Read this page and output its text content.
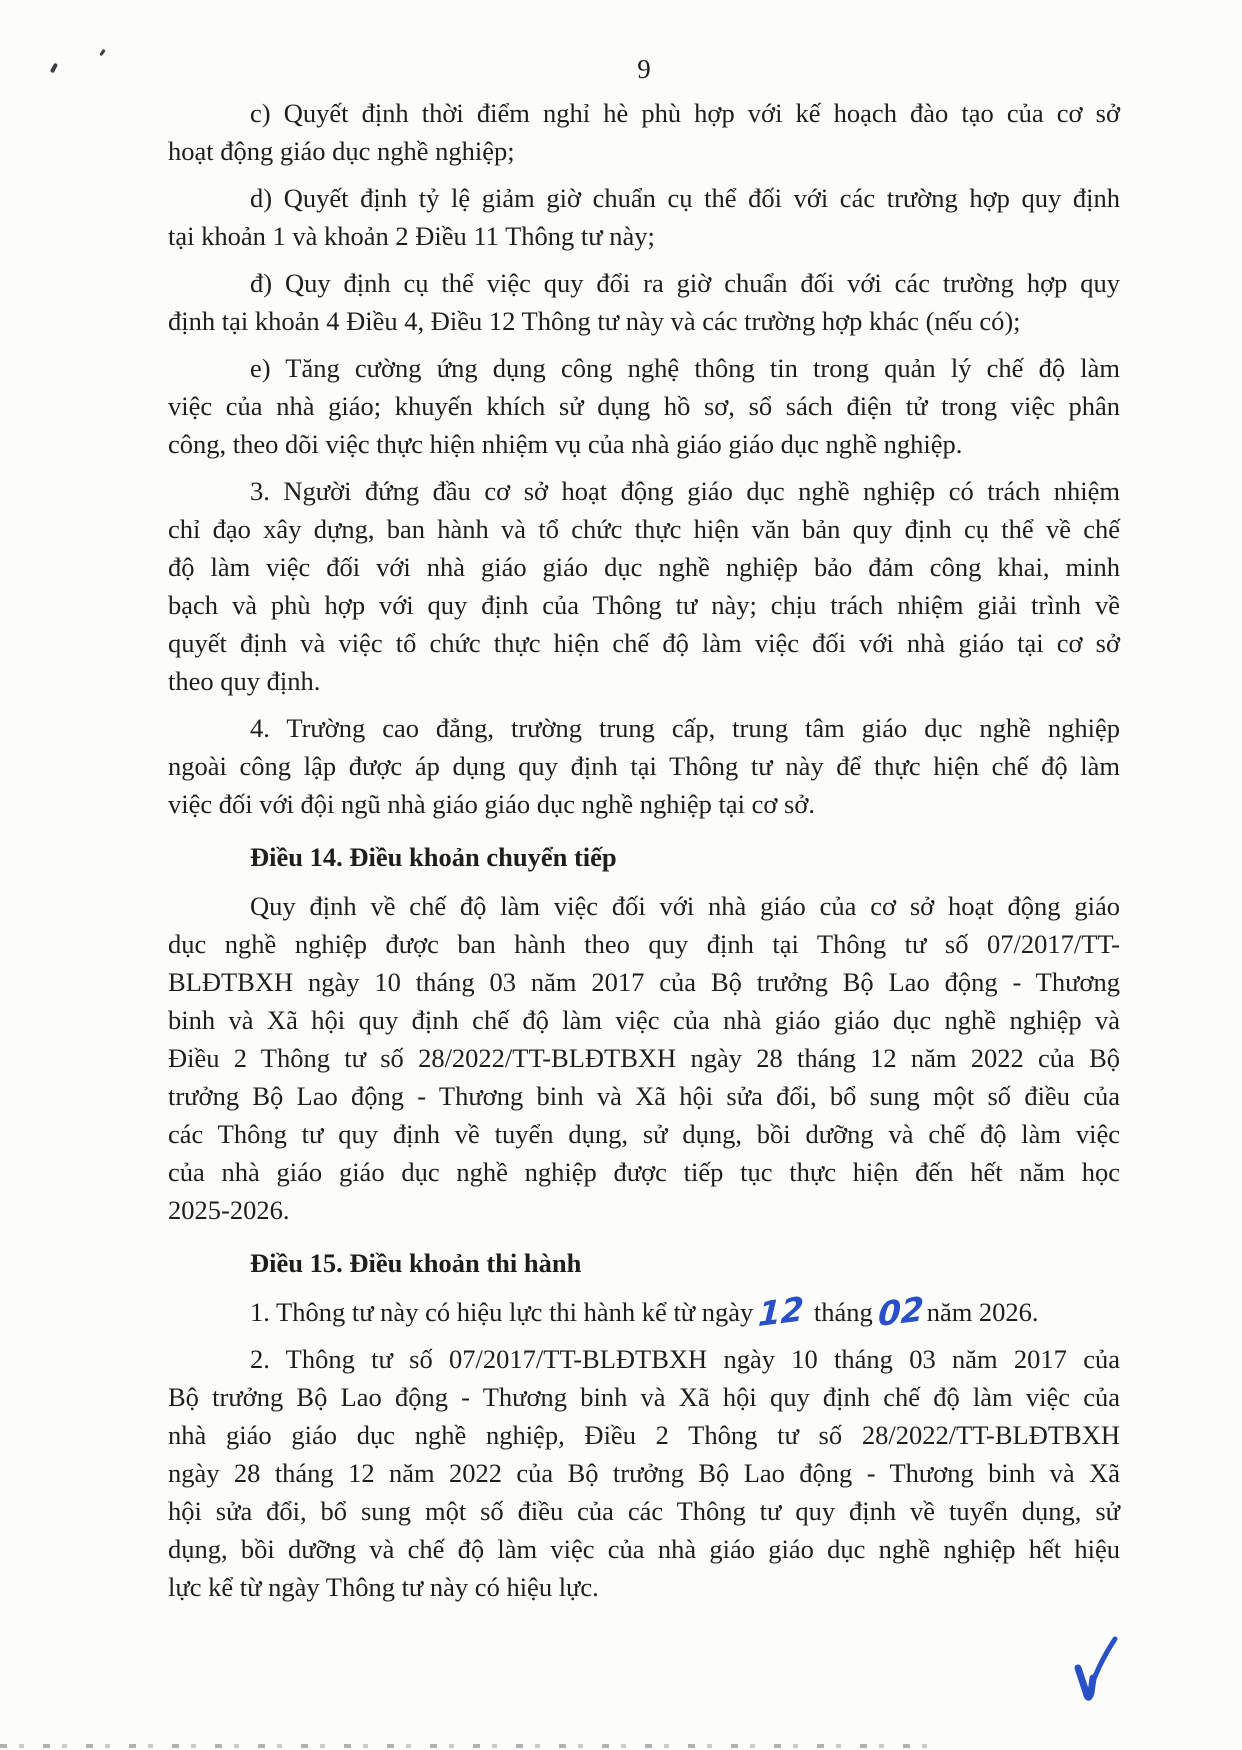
9
c) Quyết định thời điểm nghỉ hè phù hợp với kế hoạch đào tạo của cơ sở
hoạt động giáo dục nghề nghiệp;
d) Quyết định tỷ lệ giảm giờ chuẩn cụ thể đối với các trường hợp quy định
tại khoản 1 và khoản 2 Điều 11 Thông tư này;
đ) Quy định cụ thể việc quy đổi ra giờ chuẩn đối với các trường hợp quy
định tại khoản 4 Điều 4, Điều 12 Thông tư này và các trường hợp khác (nếu có);
e) Tăng cường ứng dụng công nghệ thông tin trong quản lý chế độ làm
việc của nhà giáo; khuyến khích sử dụng hồ sơ, sổ sách điện tử trong việc phân
công, theo dõi việc thực hiện nhiệm vụ của nhà giáo giáo dục nghề nghiệp.
3. Người đứng đầu cơ sở hoạt động giáo dục nghề nghiệp có trách nhiệm
chỉ đạo xây dựng, ban hành và tổ chức thực hiện văn bản quy định cụ thể về chế
độ làm việc đối với nhà giáo giáo dục nghề nghiệp bảo đảm công khai, minh
bạch và phù hợp với quy định của Thông tư này; chịu trách nhiệm giải trình về
quyết định và việc tổ chức thực hiện chế độ làm việc đối với nhà giáo tại cơ sở
theo quy định.
4. Trường cao đẳng, trường trung cấp, trung tâm giáo dục nghề nghiệp
ngoài công lập được áp dụng quy định tại Thông tư này để thực hiện chế độ làm
việc đối với đội ngũ nhà giáo giáo dục nghề nghiệp tại cơ sở.
Điều 14. Điều khoản chuyển tiếp
Quy định về chế độ làm việc đối với nhà giáo của cơ sở hoạt động giáo
dục nghề nghiệp được ban hành theo quy định tại Thông tư số 07/2017/TT-
BLĐTBXH ngày 10 tháng 03 năm 2017 của Bộ trưởng Bộ Lao động - Thương
binh và Xã hội quy định chế độ làm việc của nhà giáo giáo dục nghề nghiệp và
Điều 2 Thông tư số 28/2022/TT-BLĐTBXH ngày 28 tháng 12 năm 2022 của Bộ
trưởng Bộ Lao động - Thương binh và Xã hội sửa đổi, bổ sung một số điều của
các Thông tư quy định về tuyển dụng, sử dụng, bồi dưỡng và chế độ làm việc
của nhà giáo giáo dục nghề nghiệp được tiếp tục thực hiện đến hết năm học
2025-2026.
Điều 15. Điều khoản thi hành
1. Thông tư này có hiệu lực thi hành kể từ ngày 12 tháng 02năm 2026.
2. Thông tư số 07/2017/TT-BLĐTBXH ngày 10 tháng 03 năm 2017 của
Bộ trưởng Bộ Lao động - Thương binh và Xã hội quy định chế độ làm việc của
nhà giáo giáo dục nghề nghiệp, Điều 2 Thông tư số 28/2022/TT-BLĐTBXH
ngày 28 tháng 12 năm 2022 của Bộ trưởng Bộ Lao động - Thương binh và Xã
hội sửa đổi, bổ sung một số điều của các Thông tư quy định về tuyển dụng, sử
dụng, bồi dưỡng và chế độ làm việc của nhà giáo giáo dục nghề nghiệp hết hiệu
lực kể từ ngày Thông tư này có hiệu lực.
